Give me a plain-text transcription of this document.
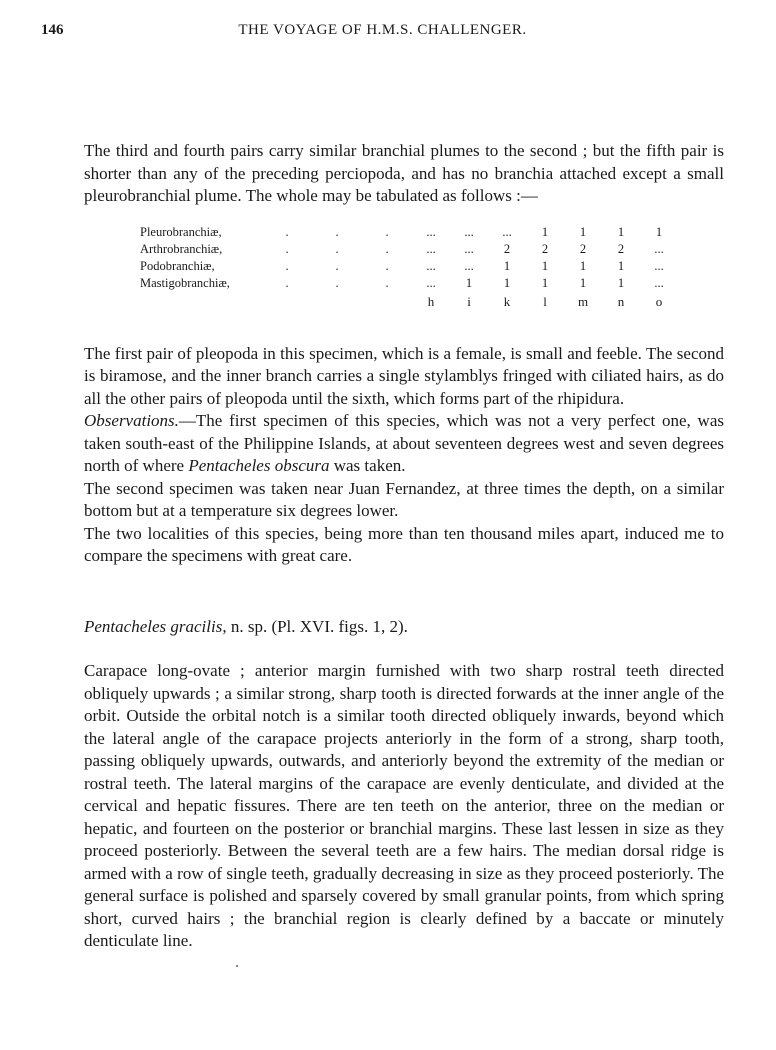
146	THE VOYAGE OF H.M.S. CHALLENGER.

The third and fourth pairs carry similar branchial plumes to the second ; but the fifth pair is shorter than any of the preceding perciopoda, and has no branchia attached except a small pleurobranchial plume. The whole may be tabulated as follows :—

Pleurobranchiæ,	.	.	.	...	...	...	1	1	1	1
Arthrobranchiæ,	.	.	.	...	...	2	2	2	2	...
Podobranchiæ,	.	.	.	...	...	1	1	1	1	...
Mastigobranchiæ,	.	.	.	...	1	1	1	1	1	...
				h	i	k	l	m	n	o

The first pair of pleopoda in this specimen, which is a female, is small and feeble. The second is biramose, and the inner branch carries a single stylamblys fringed with ciliated hairs, as do all the other pairs of pleopoda until the sixth, which forms part of the rhipidura.

Observations.—The first specimen of this species, which was not a very perfect one, was taken south-east of the Philippine Islands, at about seventeen degrees west and seven degrees north of where Pentacheles obscura was taken.

The second specimen was taken near Juan Fernandez, at three times the depth, on a similar bottom but at a temperature six degrees lower.

The two localities of this species, being more than ten thousand miles apart, induced me to compare the specimens with great care.

Pentacheles gracilis, n. sp. (Pl. XVI. figs. 1, 2).

Carapace long-ovate ; anterior margin furnished with two sharp rostral teeth directed obliquely upwards ; a similar strong, sharp tooth is directed forwards at the inner angle of the orbit. Outside the orbital notch is a similar tooth directed obliquely inwards, beyond which the lateral angle of the carapace projects anteriorly in the form of a strong, sharp tooth, passing obliquely upwards, outwards, and anteriorly beyond the extremity of the median or rostral teeth. The lateral margins of the carapace are evenly denticulate, and divided at the cervical and hepatic fissures. There are ten teeth on the anterior, three on the median or hepatic, and fourteen on the posterior or branchial margins. These last lessen in size as they proceed posteriorly. Between the several teeth are a few hairs. The median dorsal ridge is armed with a row of single teeth, gradually decreasing in size as they proceed posteriorly. The general surface is polished and sparsely covered by small granular points, from which spring short, curved hairs ; the branchial region is clearly defined by a baccate or minutely denticulate line.
